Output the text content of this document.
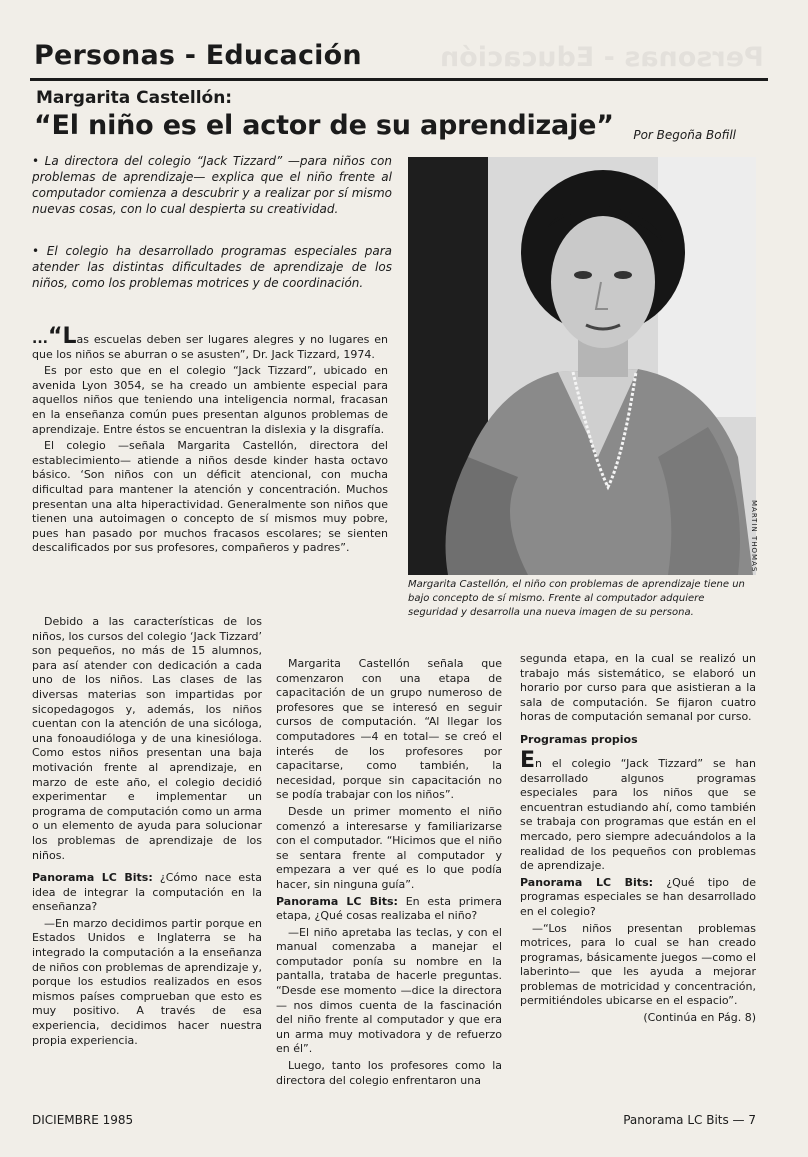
Personas - Educación	Personas - Educación
Margarita Castellón:
“El niño es el actor de su aprendizaje” Por Begoña Bofill

• La directora del colegio “Jack Tizzard” —para niños con problemas de aprendizaje— explica que el niño frente al computador comienza a descubrir y a realizar por sí mismo nuevas cosas, con lo cual despierta su creatividad.

• El colegio ha desarrollado programas especiales para atender las distintas dificultades de aprendizaje de los niños, como los problemas motrices y de coordinación.

...“Las escuelas deben ser lugares alegres y no lugares en que los niños se aburran o se asusten”, Dr. Jack Tizzard, 1974.

Es por esto que en el colegio “Jack Tizzard”, ubicado en avenida Lyon 3054, se ha creado un ambiente especial para aquellos niños que teniendo una inteligencia normal, fracasan en la enseñanza común pues presentan algunos problemas de aprendizaje. Entre éstos se encuentran la dislexia y la disgrafía.

El colegio —señala Margarita Castellón, directora del establecimiento— atiende a niños desde kinder hasta octavo básico. ‘Son niños con un déficit atencional, con mucha dificultad para mantener la atención y concentración. Muchos presentan una alta hiperactividad. Generalmente son niños que tienen una autoimagen o concepto de sí mismos muy pobre, pues han pasado por muchos fracasos escolares; se sienten descalificados por sus profesores, compañeros y padres”.

Debido a las características de los niños, los cursos del colegio ‘Jack Tizzard’ son pequeños, no más de 15 alumnos, para así atender con dedicación a cada uno de los niños. Las clases de las diversas materias son impartidas por sicopedagogos y, además, los niños cuentan con la atención de una sicóloga, una fonoaudióloga y de una kinesióloga. Como estos niños presentan una baja motivación frente al aprendizaje, en marzo de este año, el colegio decidió experimentar e implementar un programa de computación como un arma o un elemento de ayuda para solucionar los problemas de aprendizaje de los niños.

Panorama LC Bits: ¿Cómo nace esta idea de integrar la computación en la enseñanza?

—En marzo decidimos partir porque en Estados Unidos e Inglaterra se ha integrado la computación a la enseñanza de niños con problemas de aprendizaje y, porque los estudios realizados en esos mismos países comprueban que esto es muy positivo. A través de esa experiencia, decidimos hacer nuestra propia experiencia.

Margarita Castellón señala que comenzaron con una etapa de capacitación de un grupo numeroso de profesores que se interesó en seguir cursos de computación. “Al llegar los computadores —4 en total— se creó el interés de los profesores por capacitarse, como también, la necesidad, porque sin capacitación no se podía trabajar con los niños”.

Desde un primer momento el niño comenzó a interesarse y familiarizarse con el computador. “Hicimos que el niño se sentara frente al computador y empezara a ver qué es lo que podía hacer, sin ninguna guía”.

Panorama LC Bits: En esta primera etapa, ¿Qué cosas realizaba el niño?

—El niño apretaba las teclas, y con el manual comenzaba a manejar el computador ponía su nombre en la pantalla, trataba de hacerle preguntas. “Desde ese momento —dice la directora— nos dimos cuenta de la fascinación del niño frente al computador y que era un arma muy motivadora y de refuerzo en él”.

Luego, tanto los profesores como la directora del colegio enfrentaron una

segunda etapa, en la cual se realizó un trabajo más sistemático, se elaboró un horario por curso para que asistieran a la sala de computación. Se fijaron cuatro horas de computación semanal por curso.

Programas propios

En el colegio “Jack Tizzard” se han desarrollado algunos programas especiales para los niños que se encuentran estudiando ahí, como también se trabaja con programas que están en el mercado, pero siempre adecuándolos a la realidad de los pequeños con problemas de aprendizaje.

Panorama LC Bits: ¿Qué tipo de programas especiales se han desarrollado en el colegio?

—“Los niños presentan problemas motrices, para lo cual se han creado programas, básicamente juegos —como el laberinto— que les ayuda a mejorar problemas de motricidad y concentración, permitiéndoles ubicarse en el espacio”.

(Continúa en Pág. 8)
MARTIN THOMAS

Margarita Castellón, el niño con problemas de aprendizaje tiene un bajo concepto de sí mismo. Frente al computador adquiere seguridad y desarrolla una nueva imagen de su persona.

DICIEMBRE 1985	Panorama LC Bits — 7
